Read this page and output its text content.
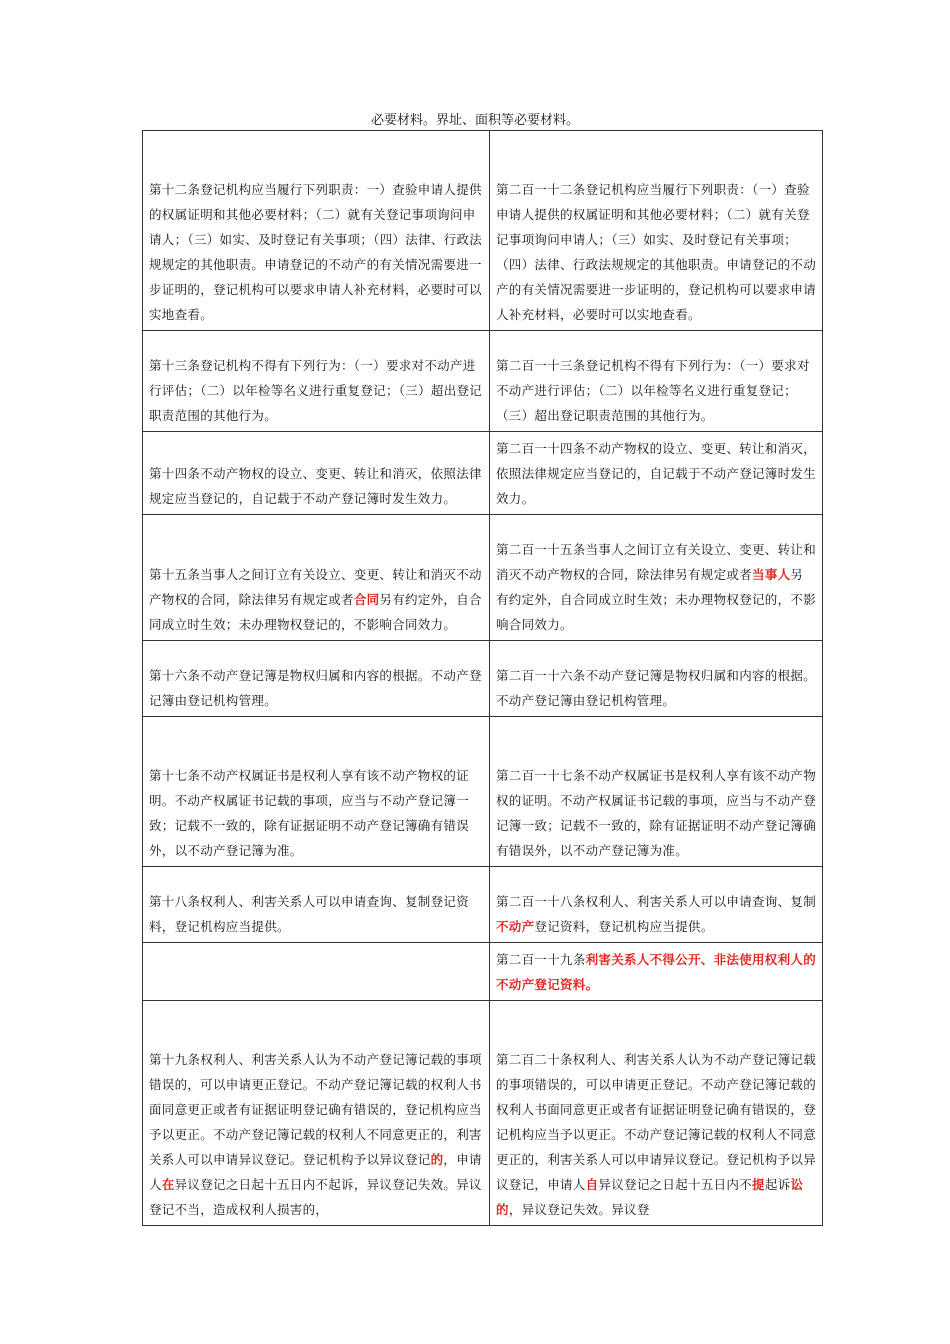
必要材料。界址、面积等必要材料。
第十二条登记机构应当履行下列职责：一）查验申请人提供的权属证明和其他必要材料；（二）就有关登记事项询问申请人；（三）如实、及时登记有关事项；（四）法律、行政法规规定的其他职责。申请登记的不动产的有关情况需要进一步证明的，登记机构可以要求申请人补充材料，必要时可以实地查看。	第二百一十二条登记机构应当履行下列职责：（一）查验申请人提供的权属证明和其他必要材料；（二）就有关登记事项询问申请人；（三）如实、及时登记有关事项；（四）法律、行政法规规定的其他职责。申请登记的不动产的有关情况需要进一步证明的，登记机构可以要求申请人补充材料，必要时可以实地查看。
第十三条登记机构不得有下列行为：（一）要求对不动产进行评估；（二）以年检等名义进行重复登记；（三）超出登记职责范围的其他行为。	第二百一十三条登记机构不得有下列行为：（一）要求对不动产进行评估；（二）以年检等名义进行重复登记；（三）超出登记职责范围的其他行为。
第十四条不动产物权的设立、变更、转让和消灭，依照法律规定应当登记的，自记载于不动产登记簿时发生效力。	第二百一十四条不动产物权的设立、变更、转让和消灭，依照法律规定应当登记的，自记载于不动产登记簿时发生效力。
第十五条当事人之间订立有关设立、变更、转让和消灭不动产物权的合同，除法律另有规定或者合同另有约定外，自合同成立时生效；未办理物权登记的，不影响合同效力。	第二百一十五条当事人之间订立有关设立、变更、转让和消灭不动产物权的合同，除法律另有规定或者当事人另有约定外，自合同成立时生效；未办理物权登记的，不影响合同效力。
第十六条不动产登记簿是物权归属和内容的根据。不动产登记簿由登记机构管理。	第二百一十六条不动产登记簿是物权归属和内容的根据。不动产登记簿由登记机构管理。
第十七条不动产权属证书是权利人享有该不动产物权的证明。不动产权属证书记载的事项，应当与不动产登记簿一致；记载不一致的，除有证据证明不动产登记簿确有错误外，以不动产登记簿为准。	第二百一十七条不动产权属证书是权利人享有该不动产物权的证明。不动产权属证书记载的事项，应当与不动产登记簿一致；记载不一致的，除有证据证明不动产登记簿确有错误外，以不动产登记簿为准。
第十八条权利人、利害关系人可以申请查询、复制登记资料，登记机构应当提供。	第二百一十八条权利人、利害关系人可以申请查询、复制不动产登记资料，登记机构应当提供。
	第二百一十九条利害关系人不得公开、非法使用权利人的不动产登记资料。
第十九条权利人、利害关系人认为不动产登记簿记载的事项错误的，可以申请更正登记。不动产登记簿记载的权利人书面同意更正或者有证据证明登记确有错误的，登记机构应当予以更正。不动产登记簿记载的权利人不同意更正的，利害关系人可以申请异议登记。登记机构予以异议登记的，申请人在异议登记之日起十五日内不起诉，异议登记失效。异议登记不当，造成权利人损害的，	第二百二十条权利人、利害关系人认为不动产登记簿记载的事项错误的，可以申请更正登记。不动产登记簿记载的权利人书面同意更正或者有证据证明登记确有错误的，登记机构应当予以更正。不动产登记簿记载的权利人不同意更正的，利害关系人可以申请异议登记。登记机构予以异议登记，申请人自异议登记之日起十五日内不提起诉讼的，异议登记失效。异议登
